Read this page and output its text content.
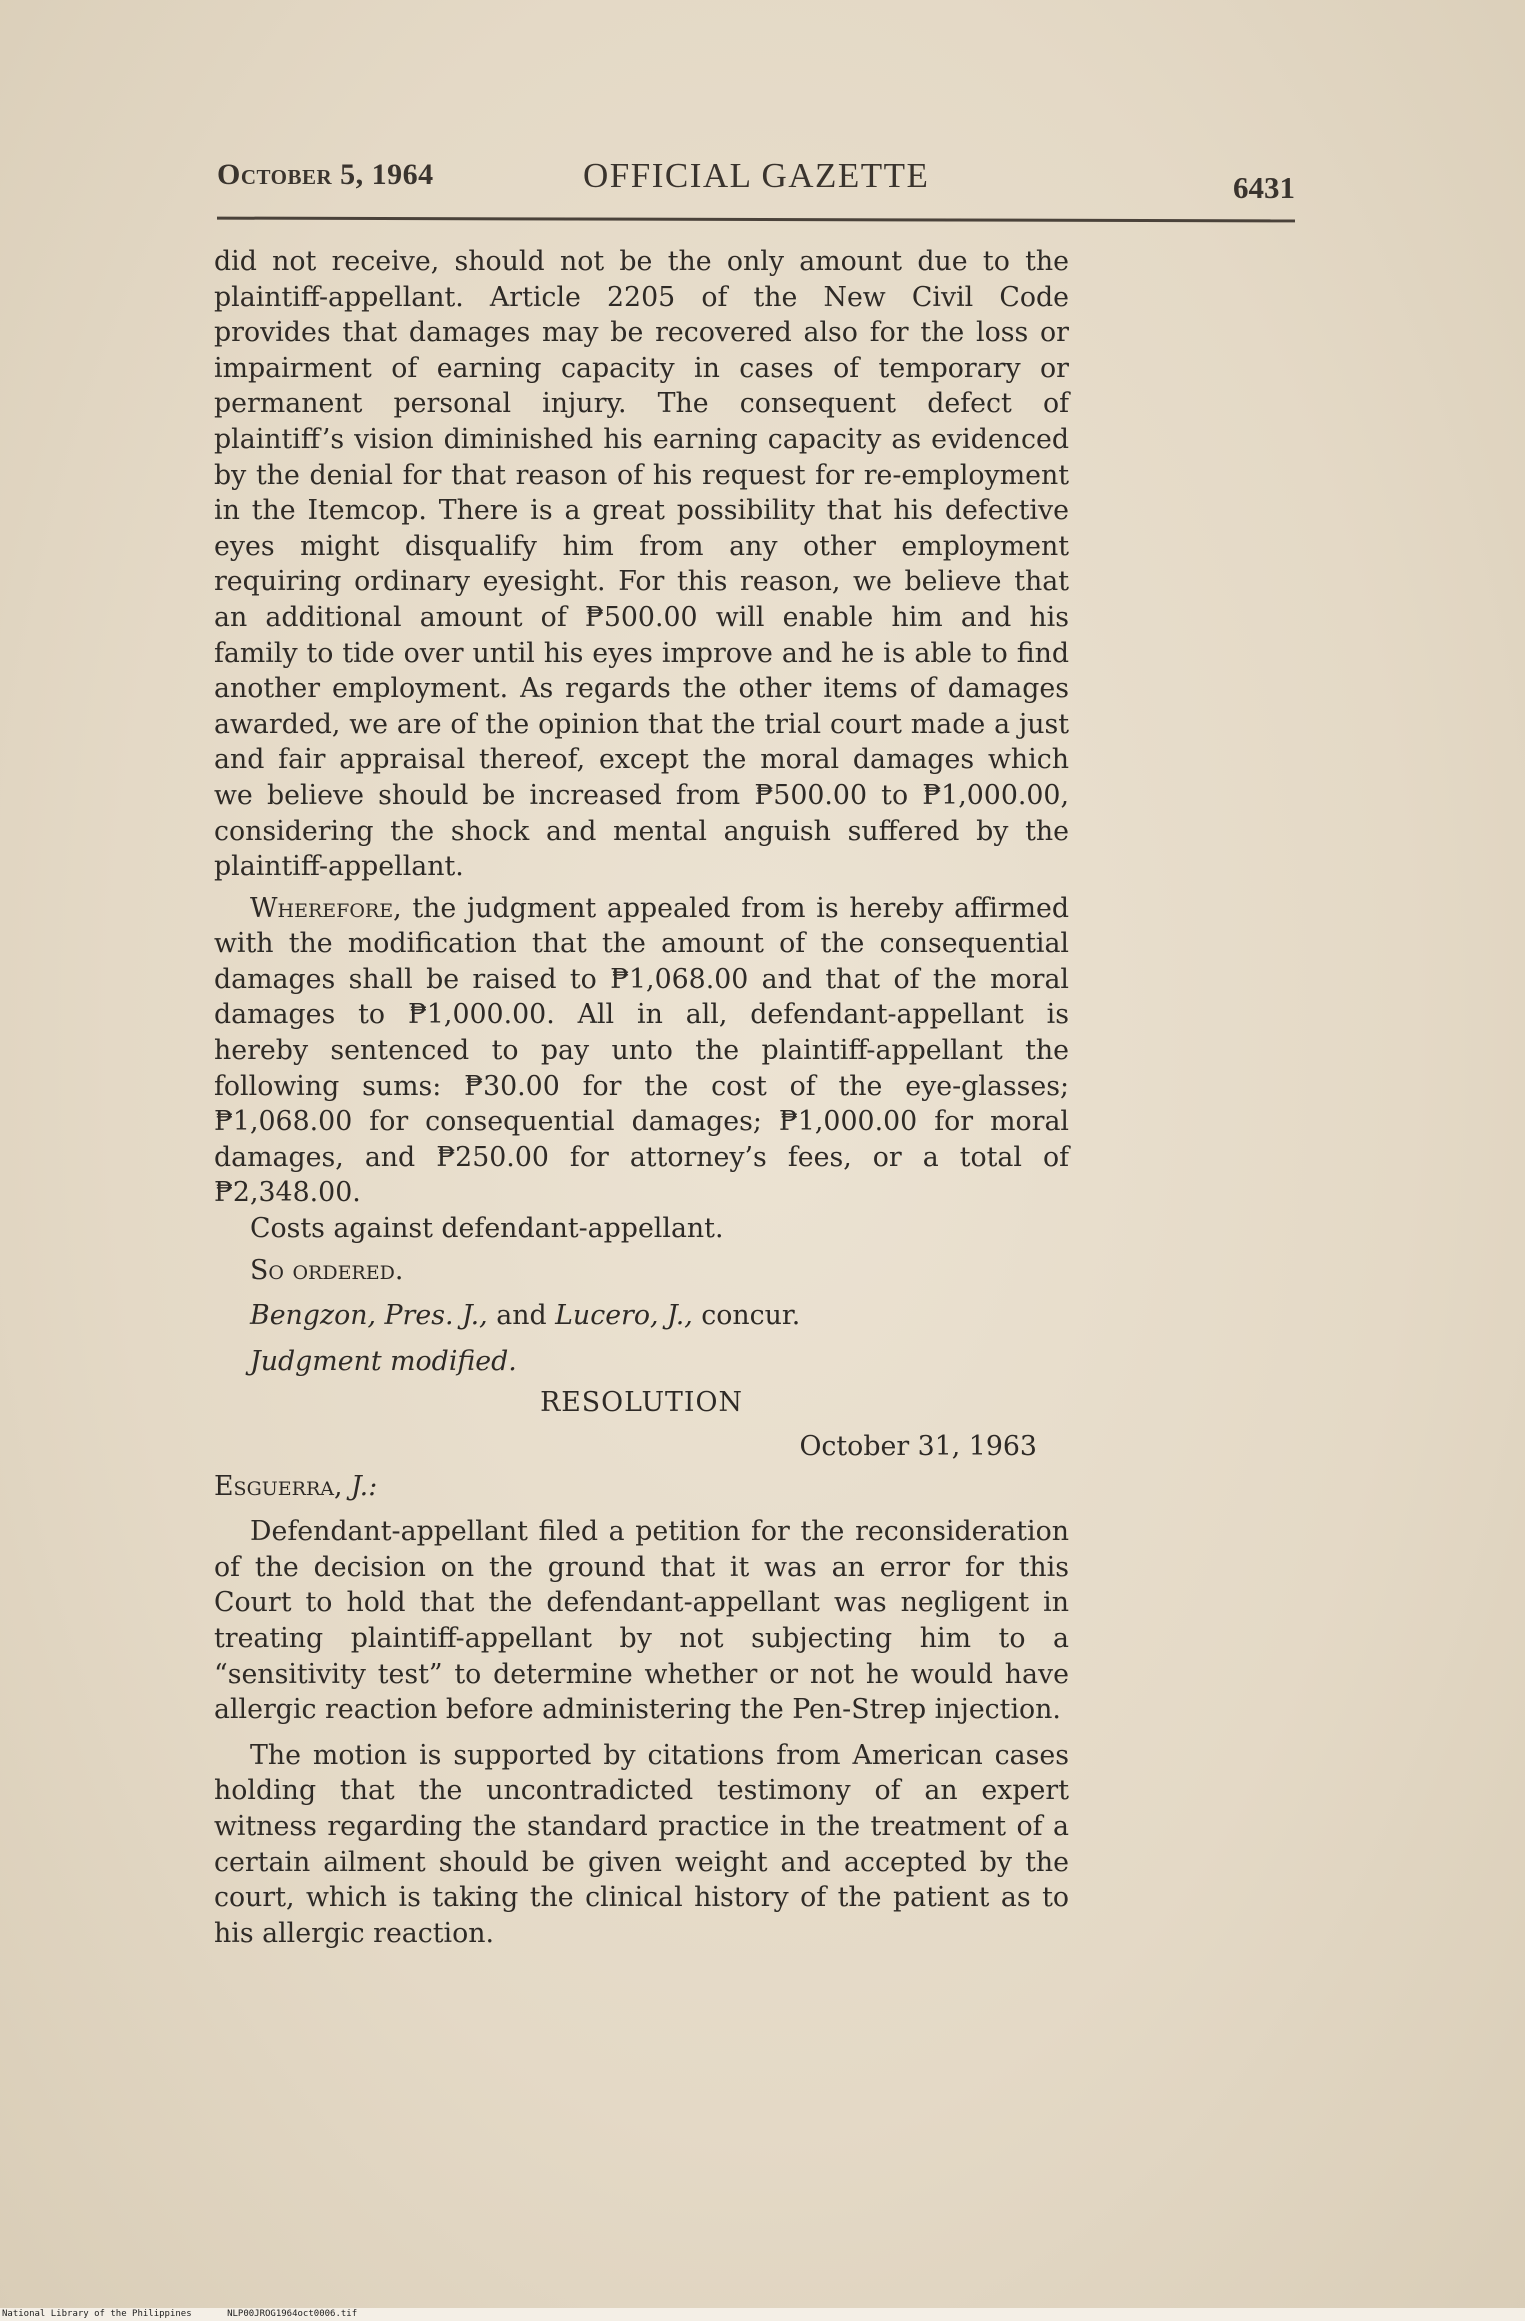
October 5, 1964	OFFICIAL GAZETTE	6431

did not receive, should not be the only amount due to the plaintiff-appellant. Article 2205 of the New Civil Code provides that damages may be recovered also for the loss or impairment of earning capacity in cases of temporary or permanent personal injury. The consequent defect of plaintiff’s vision diminished his earning capacity as evidenced by the denial for that reason of his request for re-employment in the Itemcop. There is a great possibility that his defective eyes might disqualify him from any other employment requiring ordinary eyesight. For this reason, we believe that an additional amount of ₱500.00 will enable him and his family to tide over until his eyes improve and he is able to find another employment. As regards the other items of damages awarded, we are of the opinion that the trial court made a just and fair appraisal thereof, except the moral damages which we believe should be increased from ₱500.00 to ₱1,000.00, considering the shock and mental anguish suffered by the plaintiff-appellant.

Wherefore, the judgment appealed from is hereby affirmed with the modification that the amount of the consequential damages shall be raised to ₱1,068.00 and that of the moral damages to ₱1,000.00. All in all, defendant-appellant is hereby sentenced to pay unto the plaintiff-appellant the following sums: ₱30.00 for the cost of the eye-glasses; ₱1,068.00 for consequential damages; ₱1,000.00 for moral damages, and ₱250.00 for attorney’s fees, or a total of ₱2,348.00.

Costs against defendant-appellant.

So ordered.

Bengzon, Pres. J., and Lucero, J., concur.

Judgment modified.

RESOLUTION

October 31, 1963

Esguerra, J.:

Defendant-appellant filed a petition for the reconsideration of the decision on the ground that it was an error for this Court to hold that the defendant-appellant was negligent in treating plaintiff-appellant by not subjecting him to a “sensitivity test” to determine whether or not he would have allergic reaction before administering the Pen-Strep injection.

The motion is supported by citations from American cases holding that the uncontradicted testimony of an expert witness regarding the standard practice in the treatment of a certain ailment should be given weight and accepted by the court, which is taking the clinical history of the patient as to his allergic reaction.

National Library of the Philippines	NLP00JROG1964oct0006.tif
